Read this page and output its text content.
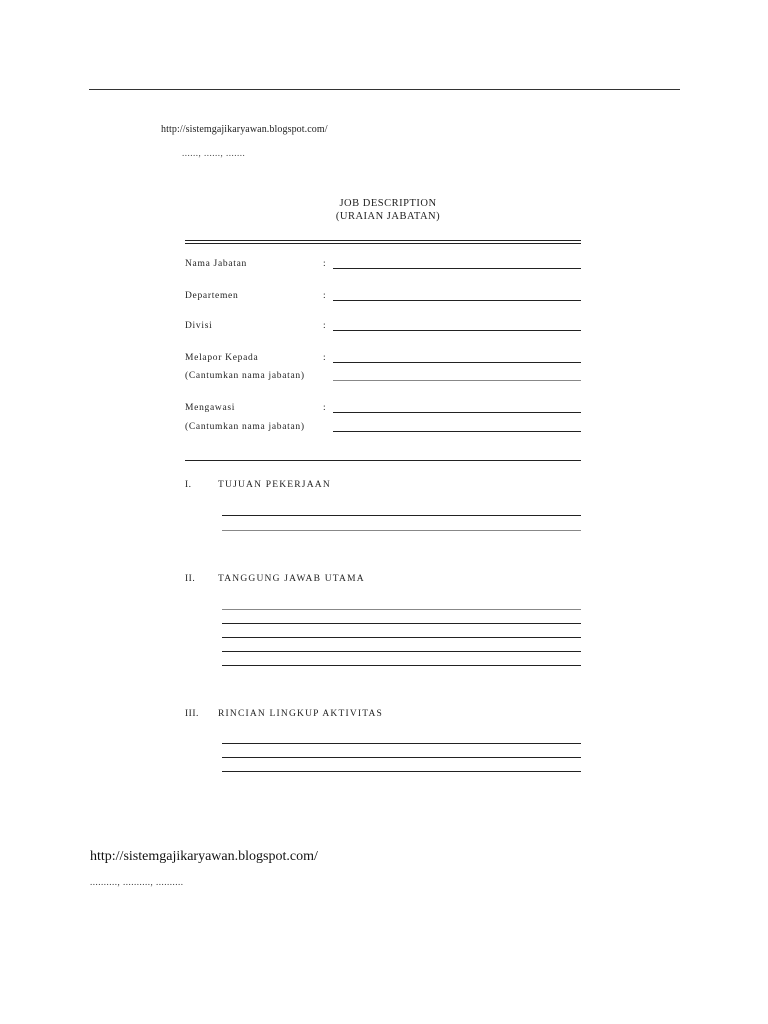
http://sistemgajikaryawan.blogspot.com/
......, ......, .......
JOB DESCRIPTION
(URAIAN JABATAN)
Nama Jabatan	:
Departemen	:
Divisi	:
Melapor Kepada	:
(Cantumkan nama jabatan)
Mengawasi	:
(Cantumkan nama jabatan)
I.	TUJUAN PEKERJAAN
II. TANGGUNG JAWAB UTAMA
III. RINCIAN LINGKUP AKTIVITAS
http://sistemgajikaryawan.blogspot.com/
.........., .........., ..........
